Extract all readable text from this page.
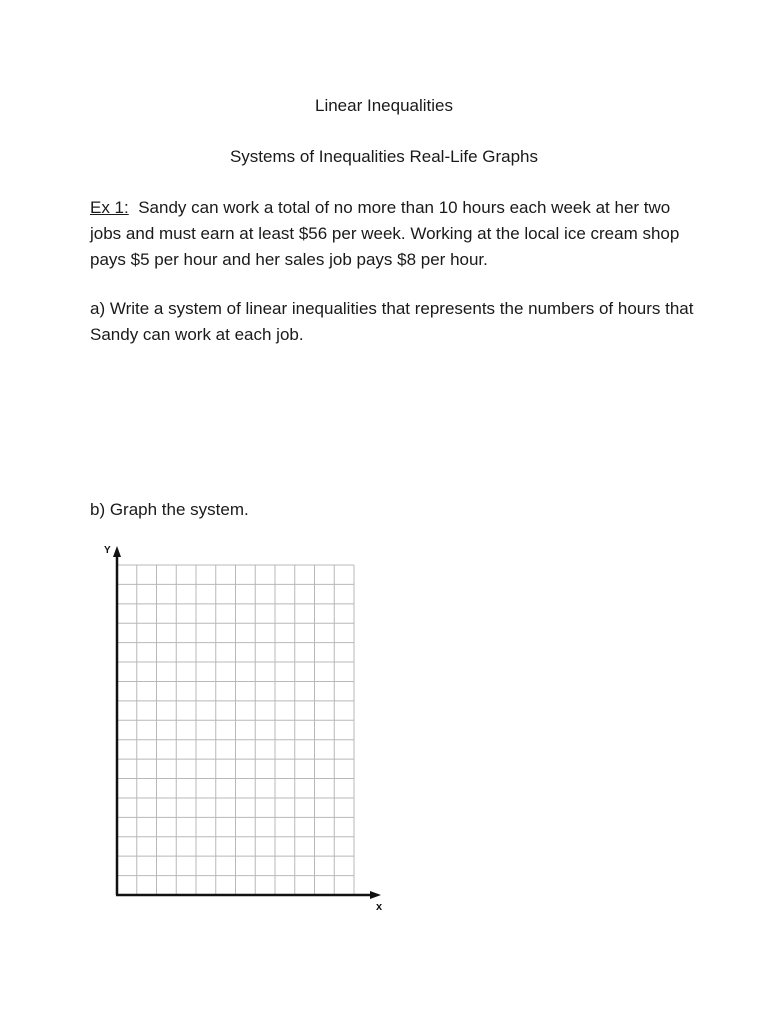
Linear Inequalities
Systems of Inequalities Real-Life Graphs
Ex 1: Sandy can work a total of no more than 10 hours each week at her two jobs and must earn at least $56 per week. Working at the local ice cream shop pays $5 per hour and her sales job pays $8 per hour.
a) Write a system of linear inequalities that represents the numbers of hours that Sandy can work at each job.
b) Graph the system.
Y
x
